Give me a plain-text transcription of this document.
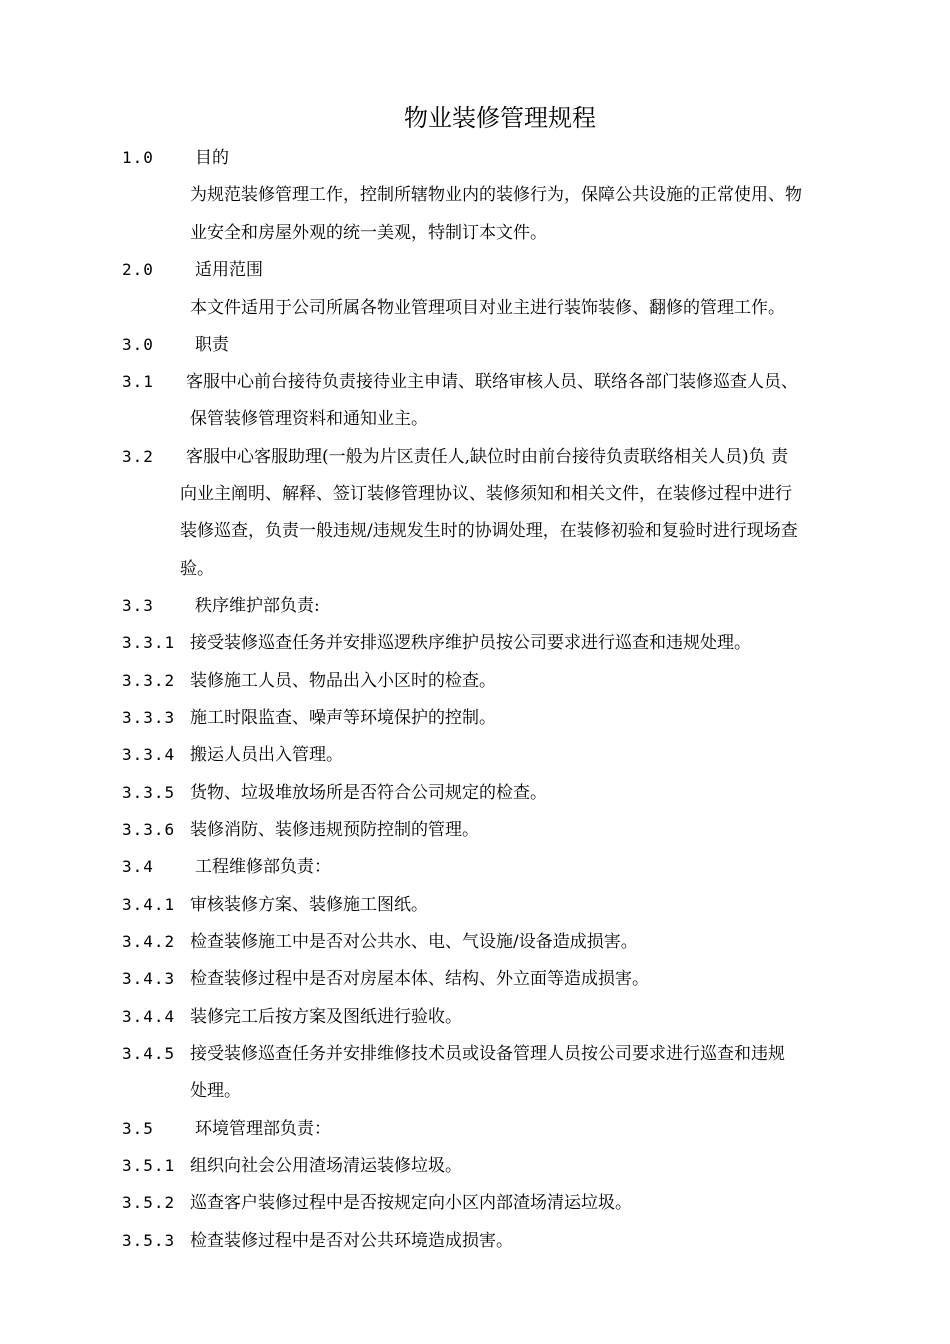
物业装修管理规程
1.0 目的
为规范装修管理工作，控制所辖物业内的装修行为，保障公共设施的正常使用、物
业安全和房屋外观的统一美观，特制订本文件。
2.0 适用范围
本文件适用于公司所属各物业管理项目对业主进行装饰装修、翻修的管理工作。
3.0 职责
3.1 客服中心前台接待负责接待业主申请、联络审核人员、联络各部门装修巡查人员、
保管装修管理资料和通知业主。
3.2 客服中心客服助理(一般为片区责任人,缺位时由前台接待负责联络相关人员)负 责
向业主阐明、解释、签订装修管理协议、装修须知和相关文件，在装修过程中进行
装修巡查，负责一般违规/违规发生时的协调处理，在装修初验和复验时进行现场查
验。
3.3 秩序维护部负责:
3.3.1 接受装修巡查任务并安排巡逻秩序维护员按公司要求进行巡查和违规处理。
3.3.2 装修施工人员、物品出入小区时的检查。
3.3.3 施工时限监查、噪声等环境保护的控制。
3.3.4 搬运人员出入管理。
3.3.5 货物、垃圾堆放场所是否符合公司规定的检查。
3.3.6 装修消防、装修违规预防控制的管理。
3.4 工程维修部负责：
3.4.1 审核装修方案、装修施工图纸。
3.4.2 检查装修施工中是否对公共水、电、气设施/设备造成损害。
3.4.3 检查装修过程中是否对房屋本体、结构、外立面等造成损害。
3.4.4 装修完工后按方案及图纸进行验收。
3.4.5 接受装修巡查任务并安排维修技术员或设备管理人员按公司要求进行巡查和违规
处理。
3.5 环境管理部负责：
3.5.1 组织向社会公用渣场清运装修垃圾。
3.5.2 巡查客户装修过程中是否按规定向小区内部渣场清运垃圾。
3.5.3 检查装修过程中是否对公共环境造成损害。
